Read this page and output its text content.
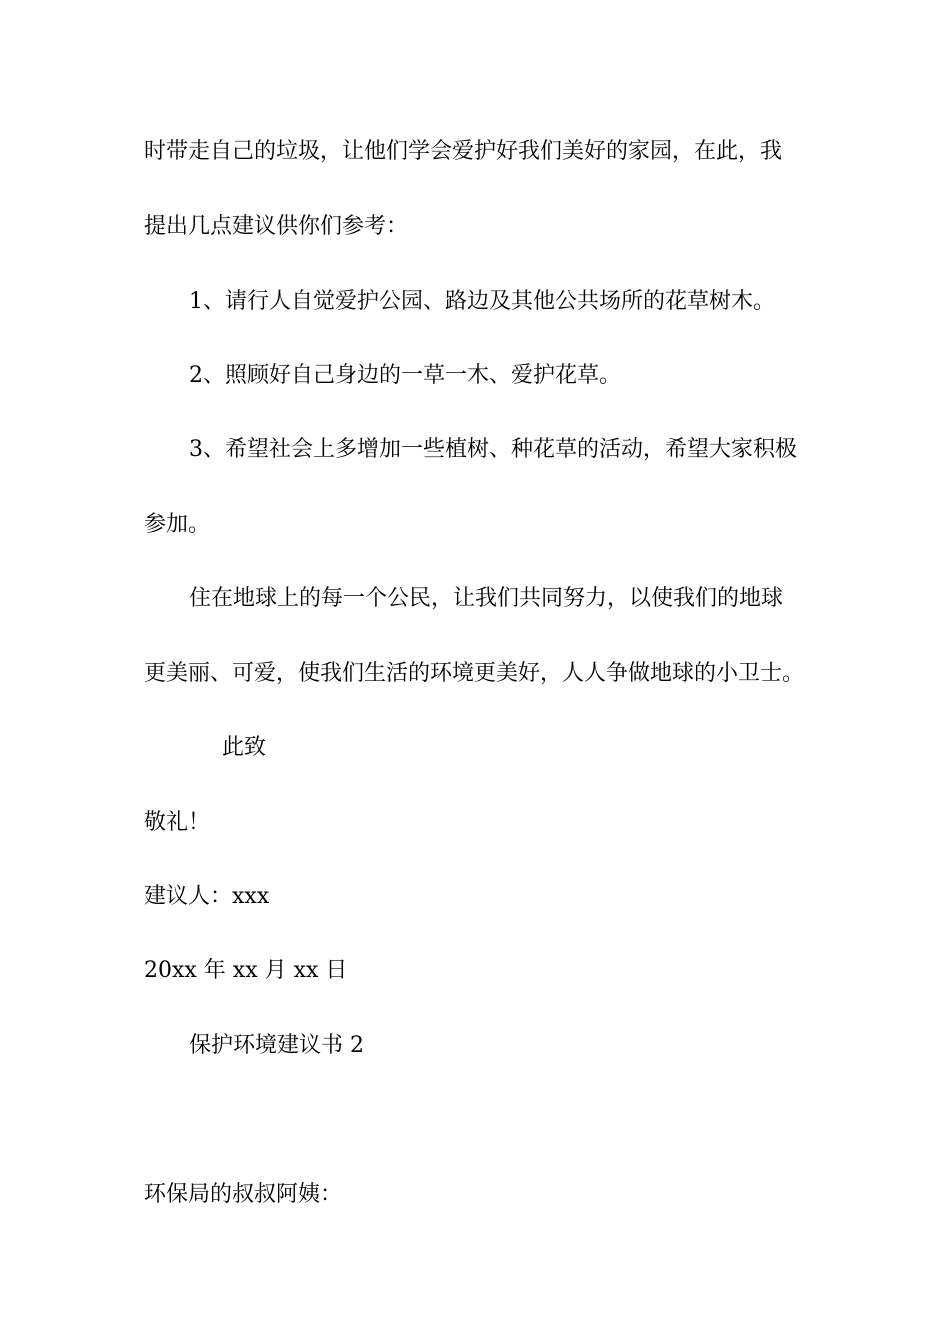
时带走自己的垃圾，让他们学会爱护好我们美好的家园，在此，我
提出几点建议供你们参考：
1、请行人自觉爱护公园、路边及其他公共场所的花草树木。
2、照顾好自己身边的一草一木、爱护花草。
3、希望社会上多增加一些植树、种花草的活动，希望大家积极
参加。
住在地球上的每一个公民，让我们共同努力，以使我们的地球
更美丽、可爱，使我们生活的环境更美好，人人争做地球的小卫士。
此致
敬礼！
建议人：xxx
20xx 年 xx 月 xx 日
保护环境建议书 2
环保局的叔叔阿姨：
